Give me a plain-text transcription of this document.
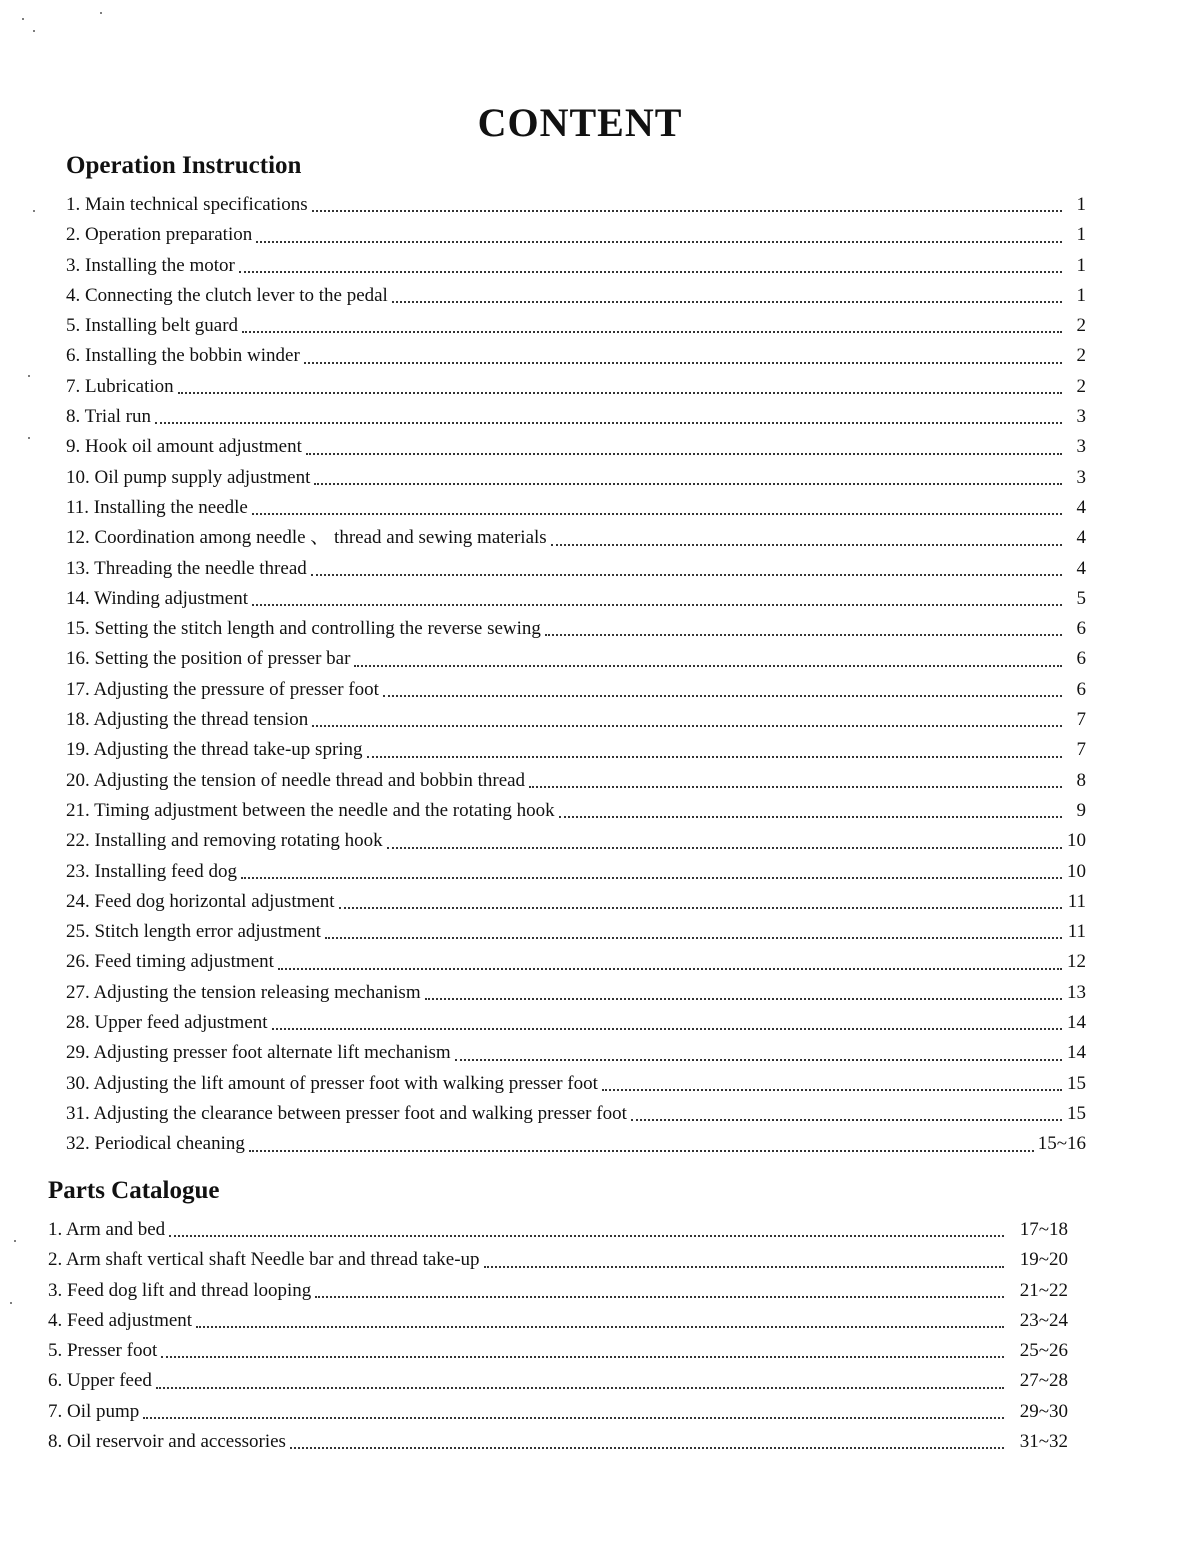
CONTENT
Operation Instruction
1. Main technical specifications	1
2. Operation preparation	1
3. Installing the motor	1
4. Connecting the clutch lever to the pedal	1
5. Installing belt guard	2
6. Installing the bobbin winder	2
7. Lubrication	2
8. Trial run	3
9. Hook oil amount adjustment	3
10. Oil pump supply adjustment	3
11. Installing the needle	4
12. Coordination among needle 、 thread and sewing materials	4
13. Threading the needle thread	4
14. Winding adjustment	5
15. Setting the stitch length and controlling the reverse sewing	6
16. Setting the position of presser bar	6
17. Adjusting the pressure of presser foot	6
18. Adjusting the thread tension	7
19. Adjusting the thread take-up spring	7
20. Adjusting the tension of needle thread and bobbin thread	8
21. Timing adjustment between the needle and the rotating hook	9
22. Installing and removing rotating hook	10
23. Installing feed dog	10
24. Feed dog horizontal adjustment	11
25. Stitch length error adjustment	11
26. Feed timing adjustment	12
27. Adjusting the tension releasing mechanism	13
28. Upper feed adjustment	14
29. Adjusting presser foot alternate lift mechanism	14
30. Adjusting the lift amount of presser foot with walking presser foot	15
31. Adjusting the clearance between presser foot and walking presser foot	15
32. Periodical cheaning	15~16
Parts Catalogue
1. Arm and bed	17~18
2. Arm shaft vertical shaft Needle bar and thread take-up	19~20
3. Feed dog lift and thread looping	21~22
4. Feed adjustment	23~24
5. Presser foot	25~26
6. Upper feed	27~28
7. Oil pump	29~30
8. Oil reservoir and accessories	31~32
